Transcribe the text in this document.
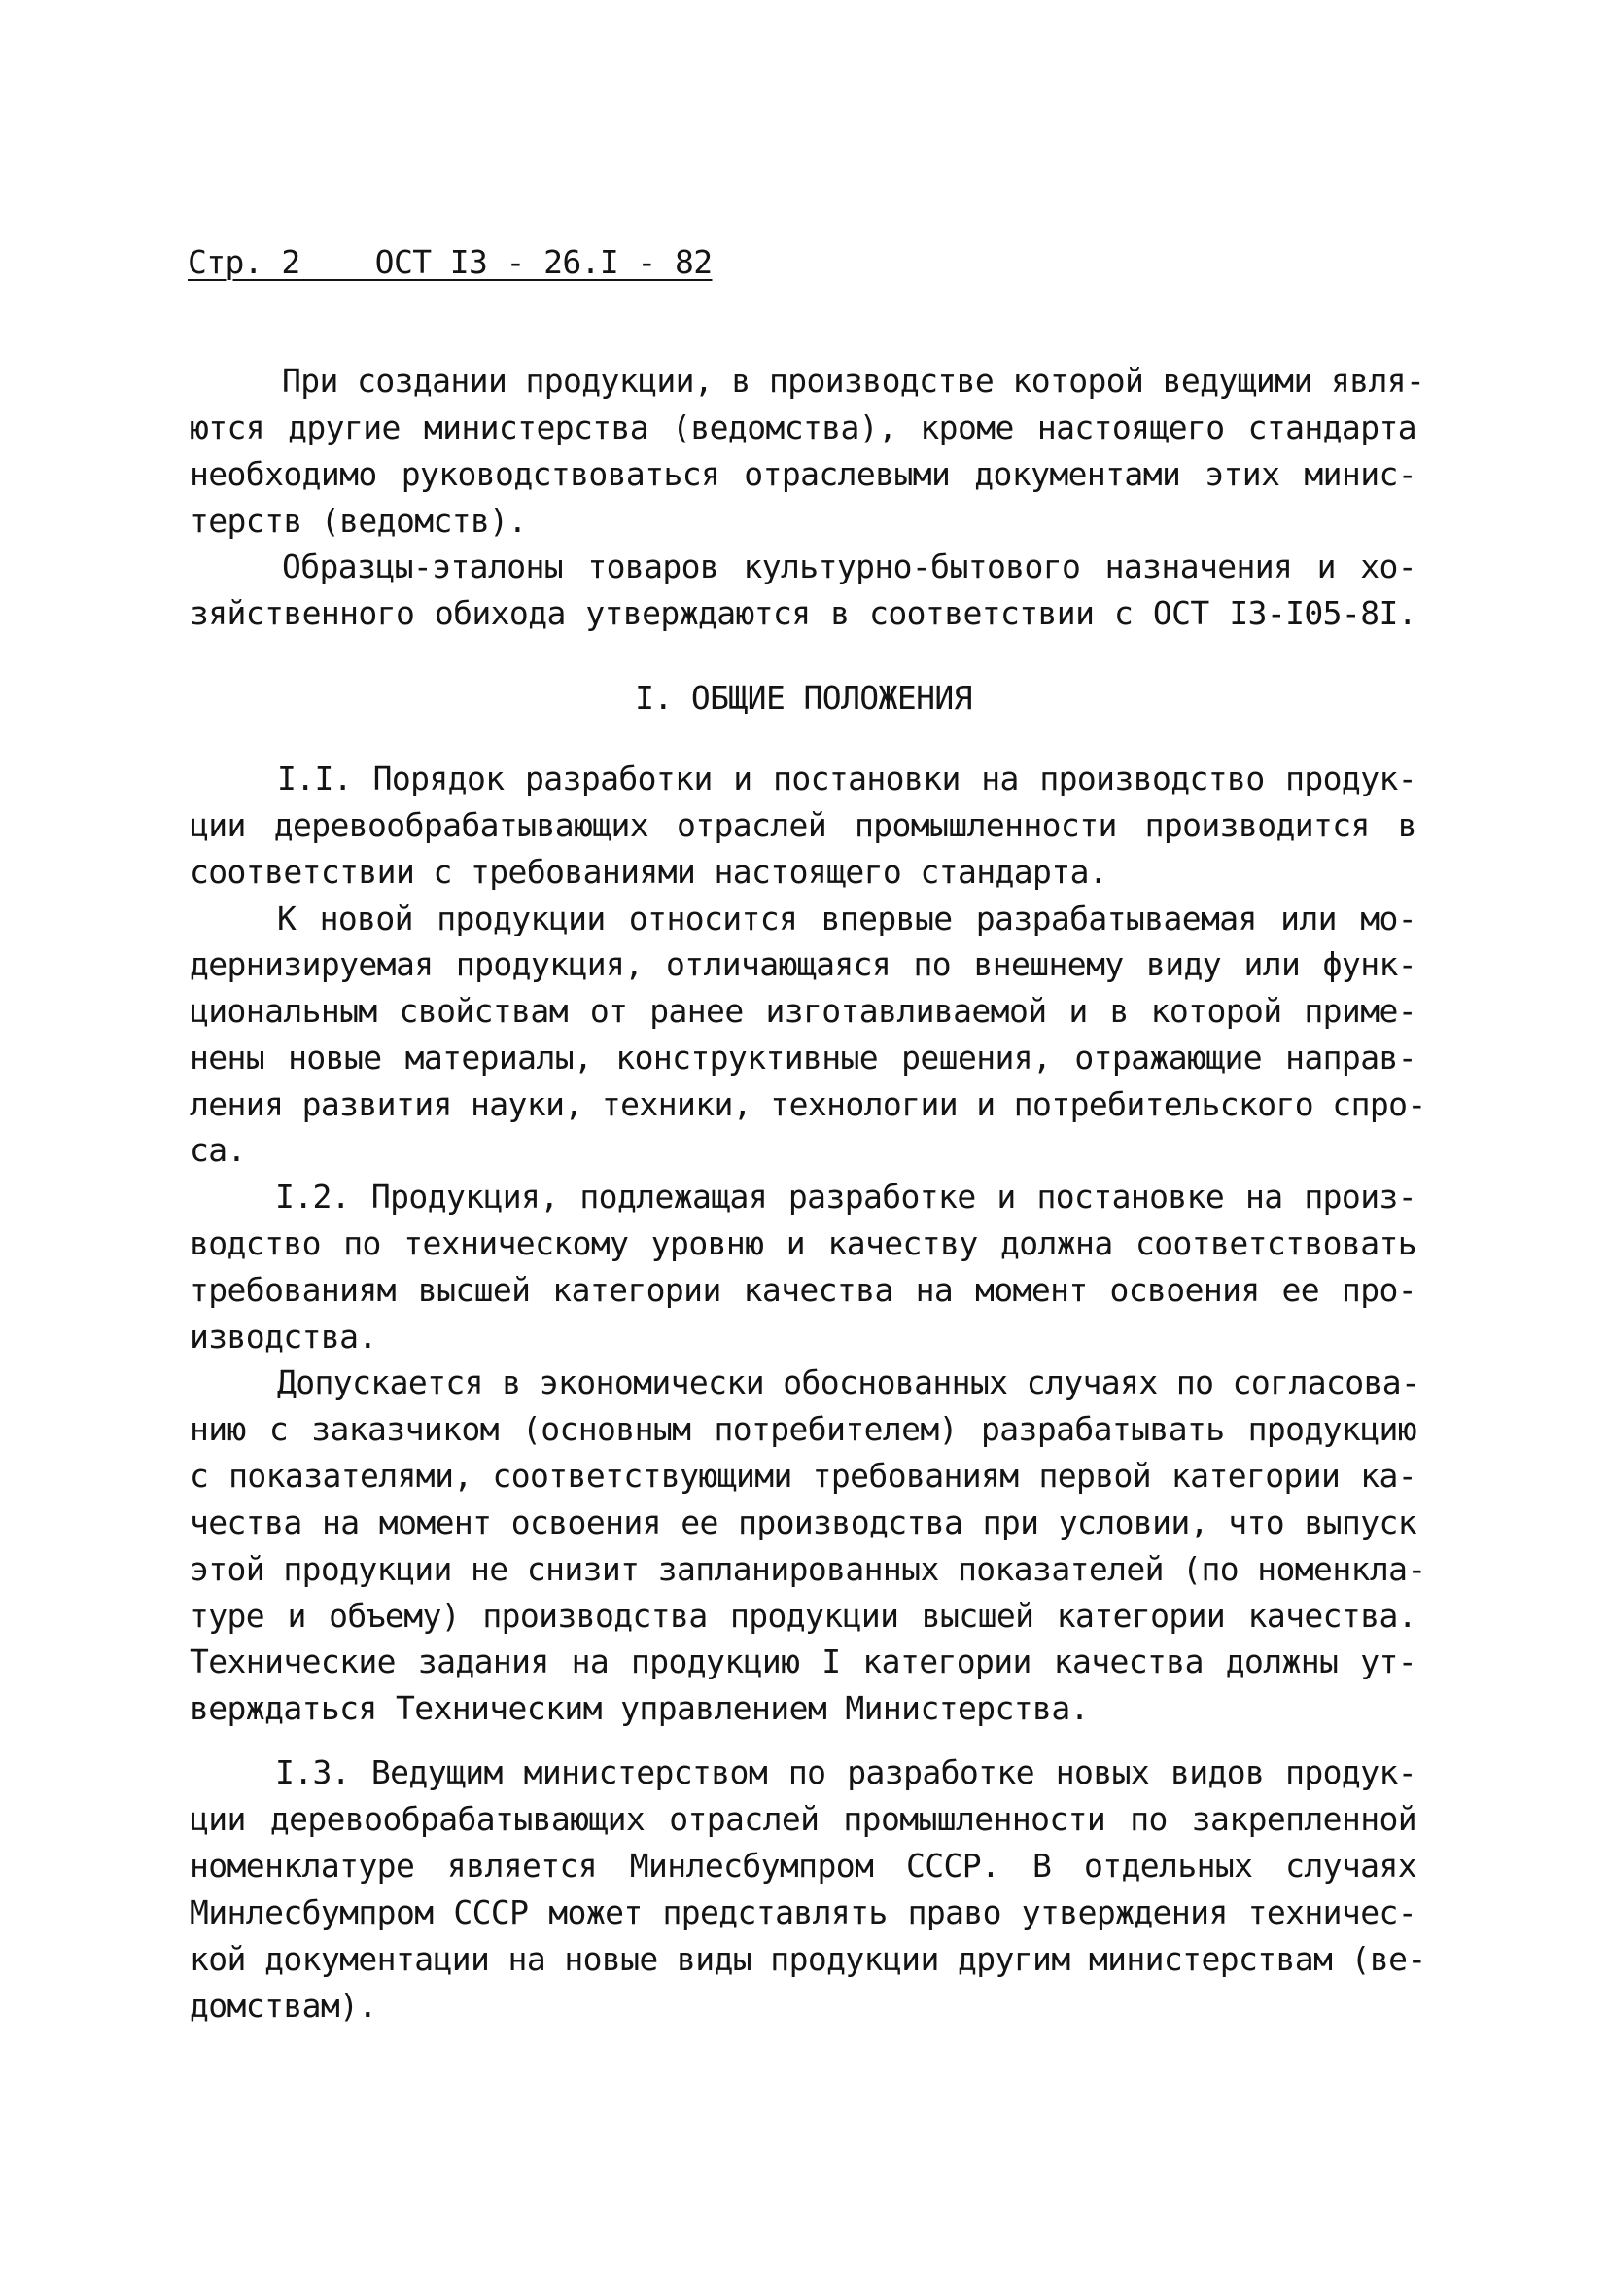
Стр. 2    ОСТ I3 - 26.I - 82
При создании продукции, в производстве которой ведущими явля-
ются другие министерства (ведомства), кроме настоящего стандарта
необходимо руководствоваться отраслевыми документами этих минис-
терств (ведомств).
Образцы-эталоны товаров культурно-бытового назначения и хо-
зяйственного обихода утверждаются в соответствии с ОСТ I3-I05-8I.
I. ОБЩИЕ ПОЛОЖЕНИЯ
I.I. Порядок разработки и постановки на производство продук-
ции деревообрабатывающих отраслей промышленности производится в
соответствии с требованиями настоящего стандарта.
К новой продукции относится впервые разрабатываемая или мо-
дернизируемая продукция, отличающаяся по внешнему виду или функ-
циональным свойствам от ранее изготавливаемой и в которой приме-
нены новые материалы, конструктивные решения, отражающие направ-
ления развития науки, техники, технологии и потребительского спро-
са.
I.2. Продукция, подлежащая разработке и постановке на произ-
водство по техническому уровню и качеству должна соответствовать
требованиям высшей категории качества на момент освоения ее про-
изводства.
Допускается в экономически обоснованных случаях по согласова-
нию с заказчиком (основным потребителем) разрабатывать продукцию
с показателями, соответствующими требованиям первой категории ка-
чества на момент освоения ее производства при условии, что выпуск
этой продукции не снизит запланированных показателей (по номенкла-
туре и объему) производства продукции высшей категории качества.
Технические задания на продукцию I категории качества должны ут-
верждаться Техническим управлением Министерства.
I.3. Ведущим министерством по разработке новых видов продук-
ции деревообрабатывающих отраслей промышленности по закрепленной
номенклатуре является Минлесбумпром СССР. В отдельных случаях
Минлесбумпром СССР может представлять право утверждения техничес-
кой документации на новые виды продукции другим министерствам (ве-
домствам).
